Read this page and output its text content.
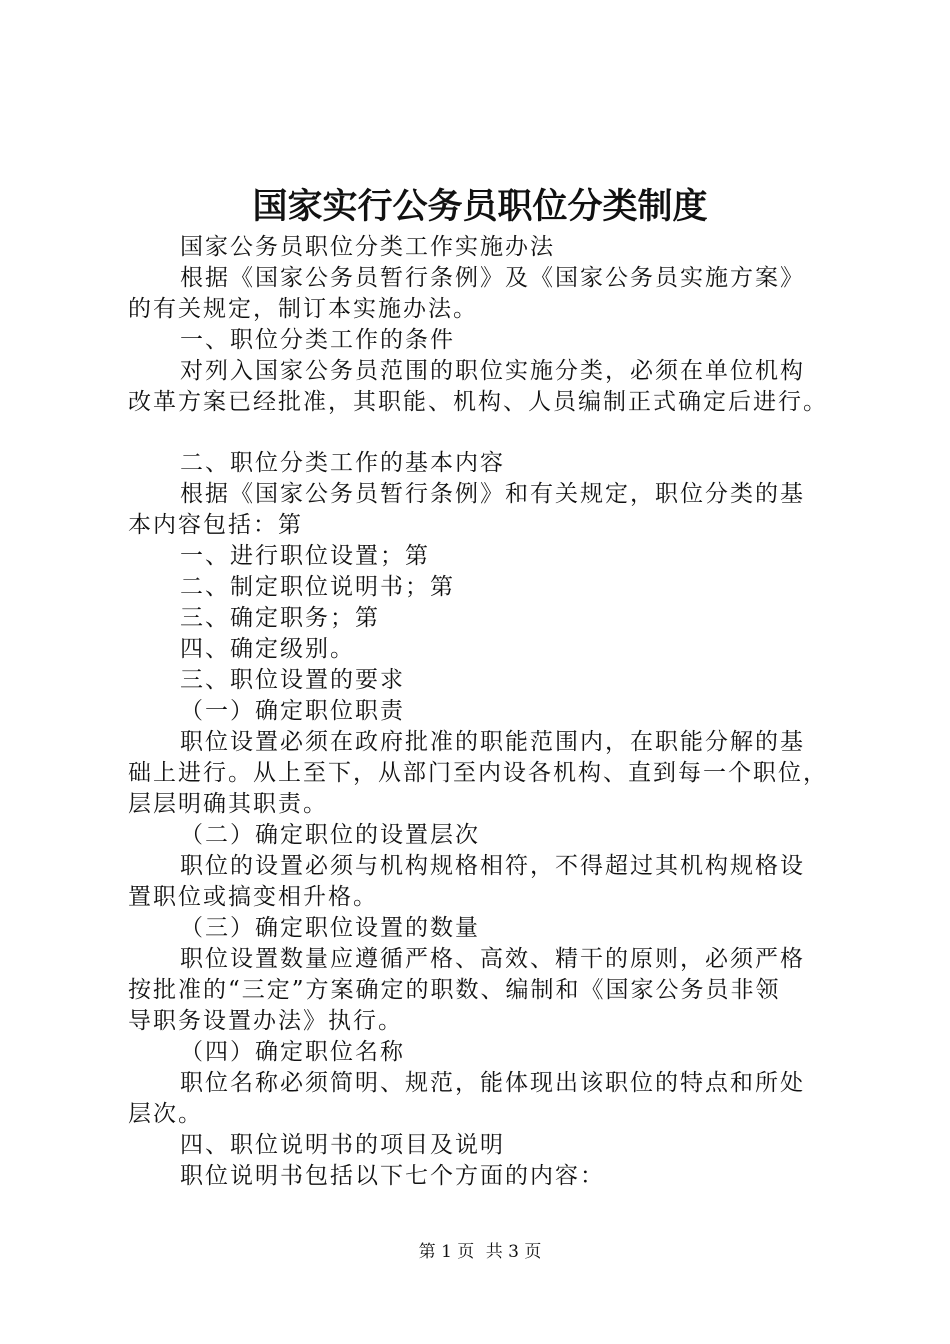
国家实行公务员职位分类制度

国家公务员职位分类工作实施办法

根据《国家公务员暂行条例》及《国家公务员实施方案》

的有关规定，制订本实施办法。

一、职位分类工作的条件

对列入国家公务员范围的职位实施分类，必须在单位机构

改革方案已经批准，其职能、机构、人员编制正式确定后进行。

二、职位分类工作的基本内容

根据《国家公务员暂行条例》和有关规定，职位分类的基

本内容包括：第

一、进行职位设置；第

二、制定职位说明书；第

三、确定职务；第

四、确定级别。

三、职位设置的要求

（一）确定职位职责

职位设置必须在政府批准的职能范围内，在职能分解的基

础上进行。从上至下，从部门至内设各机构、直到每一个职位，

层层明确其职责。

（二）确定职位的设置层次

职位的设置必须与机构规格相符，不得超过其机构规格设

置职位或搞变相升格。

（三）确定职位设置的数量

职位设置数量应遵循严格、高效、精干的原则，必须严格

按批准的“三定”方案确定的职数、编制和《国家公务员非领

导职务设置办法》执行。

（四）确定职位名称

职位名称必须简明、规范，能体现出该职位的特点和所处

层次。

四、职位说明书的项目及说明

职位说明书包括以下七个方面的内容：

第 1 页 共 3 页
